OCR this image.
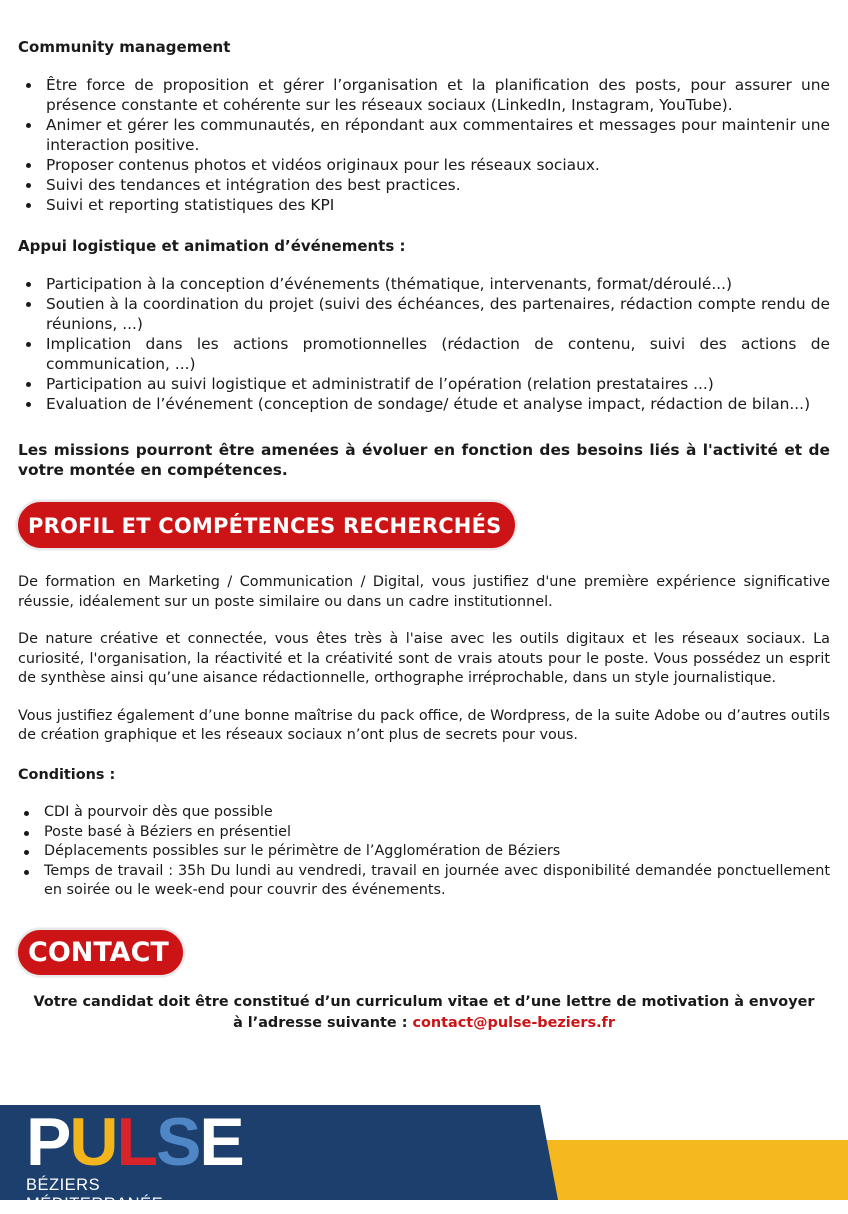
Community management

Être force de proposition et gérer l’organisation et la planification des posts, pour assurer une présence constante et cohérente sur les réseaux sociaux (LinkedIn, Instagram, YouTube).
Animer et gérer les communautés, en répondant aux commentaires et messages pour maintenir une interaction positive.
Proposer contenus photos et vidéos originaux pour les réseaux sociaux.
Suivi des tendances et intégration des best practices.
Suivi et reporting statistiques des KPI

Appui logistique et animation d’événements :

Participation à la conception d’événements (thématique, intervenants, format/déroulé...)
Soutien à la coordination du projet (suivi des échéances, des partenaires, rédaction compte rendu de réunions, ...)
Implication dans les actions promotionnelles (rédaction de contenu, suivi des actions de communication, ...)
Participation au suivi logistique et administratif de l’opération (relation prestataires ...)
Evaluation de l’événement (conception de sondage/ étude et analyse impact, rédaction de bilan...)

Les missions pourront être amenées à évoluer en fonction des besoins liés à l'activité et de votre montée en compétences.

PROFIL ET COMPÉTENCES RECHERCHÉS

De formation en Marketing / Communication / Digital, vous justifiez d'une première expérience significative réussie, idéalement sur un poste similaire ou dans un cadre institutionnel.

De nature créative et connectée, vous êtes très à l'aise avec les outils digitaux et les réseaux sociaux. La curiosité, l'organisation, la réactivité et la créativité sont de vrais atouts pour le poste. Vous possédez un esprit de synthèse ainsi qu’une aisance rédactionnelle, orthographe irréprochable, dans un style journalistique.

Vous justifiez également d’une bonne maîtrise du pack office, de Wordpress, de la suite Adobe ou d’autres outils de création graphique et les réseaux sociaux n’ont plus de secrets pour vous.

Conditions :

CDI à pourvoir dès que possible
Poste basé à Béziers en présentiel
Déplacements possibles sur le périmètre de l’Agglomération de Béziers
Temps de travail : 35h Du lundi au vendredi, travail en journée avec disponibilité demandée ponctuellement en soirée ou le week-end pour couvrir des événements.
CONTACT

Votre candidat doit être constitué d’un curriculum vitae et d’une lettre de motivation à envoyer à l’adresse suivante : contact@pulse-beziers.fr

PULSE
BÉZIERS MÉDITERRANÉE
